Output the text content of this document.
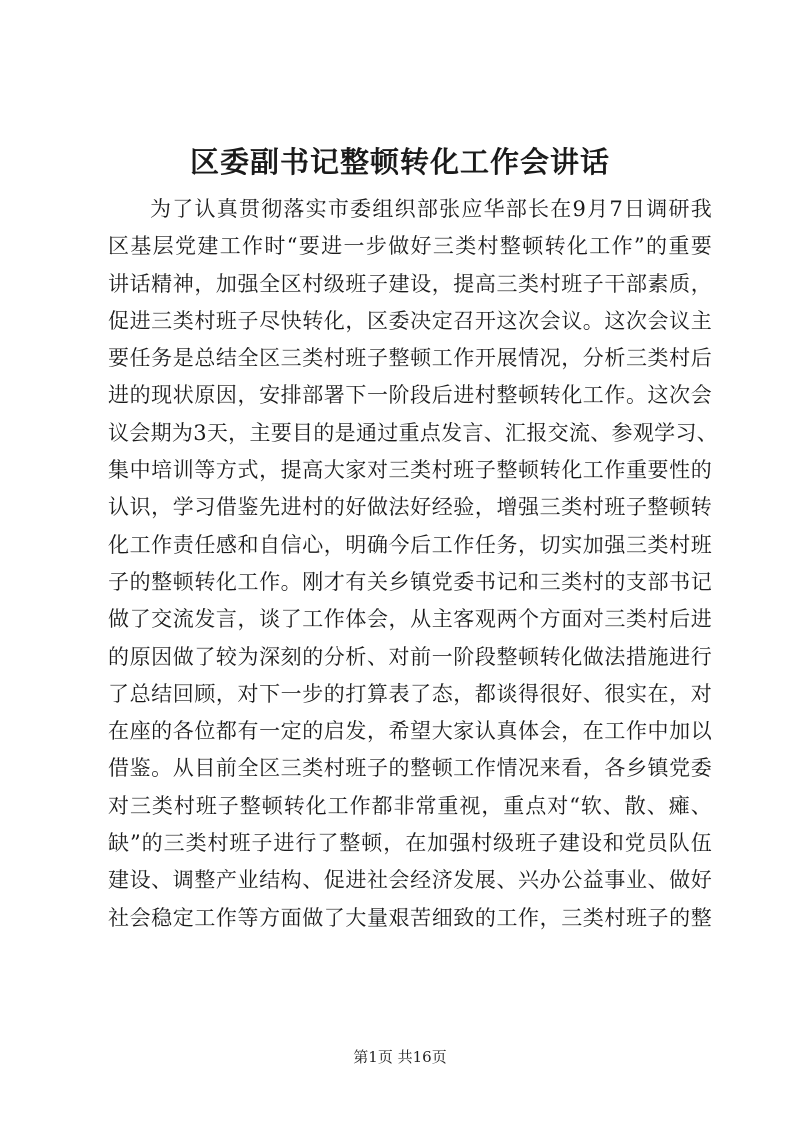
区委副书记整顿转化工作会讲话
为了认真贯彻落实市委组织部张应华部长在9月7日调研我
区基层党建工作时“要进一步做好三类村整顿转化工作”的重要
讲话精神，加强全区村级班子建设，提高三类村班子干部素质，
促进三类村班子尽快转化，区委决定召开这次会议。这次会议主
要任务是总结全区三类村班子整顿工作开展情况，分析三类村后
进的现状原因，安排部署下一阶段后进村整顿转化工作。这次会
议会期为3天，主要目的是通过重点发言、汇报交流、参观学习、
集中培训等方式，提高大家对三类村班子整顿转化工作重要性的
认识，学习借鉴先进村的好做法好经验，增强三类村班子整顿转
化工作责任感和自信心，明确今后工作任务，切实加强三类村班
子的整顿转化工作。刚才有关乡镇党委书记和三类村的支部书记
做了交流发言，谈了工作体会，从主客观两个方面对三类村后进
的原因做了较为深刻的分析、对前一阶段整顿转化做法措施进行
了总结回顾，对下一步的打算表了态，都谈得很好、很实在，对
在座的各位都有一定的启发，希望大家认真体会，在工作中加以
借鉴。从目前全区三类村班子的整顿工作情况来看，各乡镇党委
对三类村班子整顿转化工作都非常重视，重点对“软、散、瘫、
缺”的三类村班子进行了整顿，在加强村级班子建设和党员队伍
建设、调整产业结构、促进社会经济发展、兴办公益事业、做好
社会稳定工作等方面做了大量艰苦细致的工作，三类村班子的整
第1页 共16页
